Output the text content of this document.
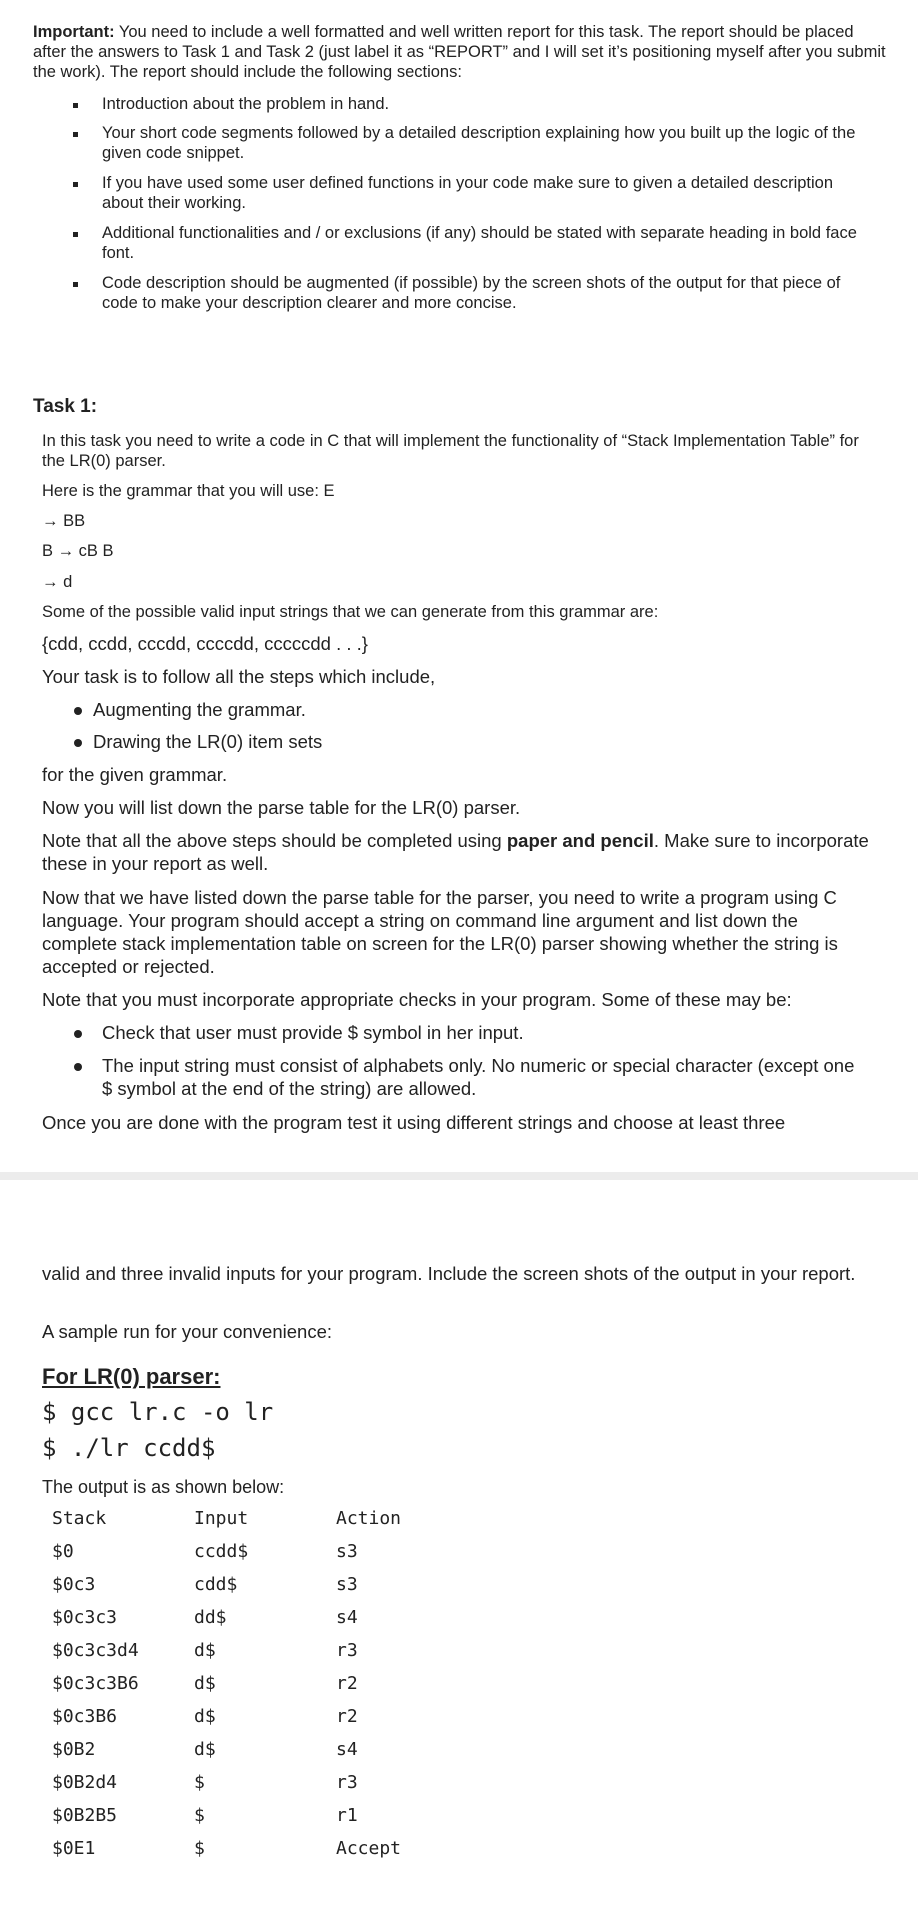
Important: You need to include a well formatted and well written report for this task. The report should be placed after the answers to Task 1 and Task 2 (just label it as “REPORT” and I will set it’s positioning myself after you submit the work). The report should include the following sections:
Introduction about the problem in hand.
Your short code segments followed by a detailed description explaining how you built up the logic of the given code snippet.
If you have used some user defined functions in your code make sure to given a detailed description about their working.
Additional functionalities and / or exclusions (if any) should be stated with separate heading in bold face font.
Code description should be augmented (if possible) by the screen shots of the output for that piece of code to make your description clearer and more concise.
Task 1:
In this task you need to write a code in C that will implement the functionality of “Stack Implementation Table” for the LR(0) parser.
Here is the grammar that you will use: E
→ BB
B → cB B
→ d
Some of the possible valid input strings that we can generate from this grammar are:
{cdd, ccdd, cccdd, ccccdd, cccccdd . . .}
Your task is to follow all the steps which include,
Augmenting the grammar.
Drawing the LR(0) item sets
for the given grammar.
Now you will list down the parse table for the LR(0) parser.
Note that all the above steps should be completed using paper and pencil. Make sure to incorporate these in your report as well.
Now that we have listed down the parse table for the parser, you need to write a program using C language. Your program should accept a string on command line argument and list down the complete stack implementation table on screen for the LR(0) parser showing whether the string is accepted or rejected.
Note that you must incorporate appropriate checks in your program. Some of these may be:
Check that user must provide $ symbol in her input.
The input string must consist of alphabets only. No numeric or special character (except one $ symbol at the end of the string) are allowed.
Once you are done with the program test it using different strings and choose at least three
valid and three invalid inputs for your program. Include the screen shots of the output in your report.
A sample run for your convenience:
For LR(0) parser:
$ gcc lr.c -o lr
$ ./lr ccdd$
The output is as shown below:
Stack	Input	Action
$0	ccdd$	s3
$0c3	cdd$	s3
$0c3c3	dd$	s4
$0c3c3d4	d$	r3
$0c3c3B6	d$	r2
$0c3B6	d$	r2
$0B2	d$	s4
$0B2d4	$	r3
$0B2B5	$	r1
$0E1	$	Accept
